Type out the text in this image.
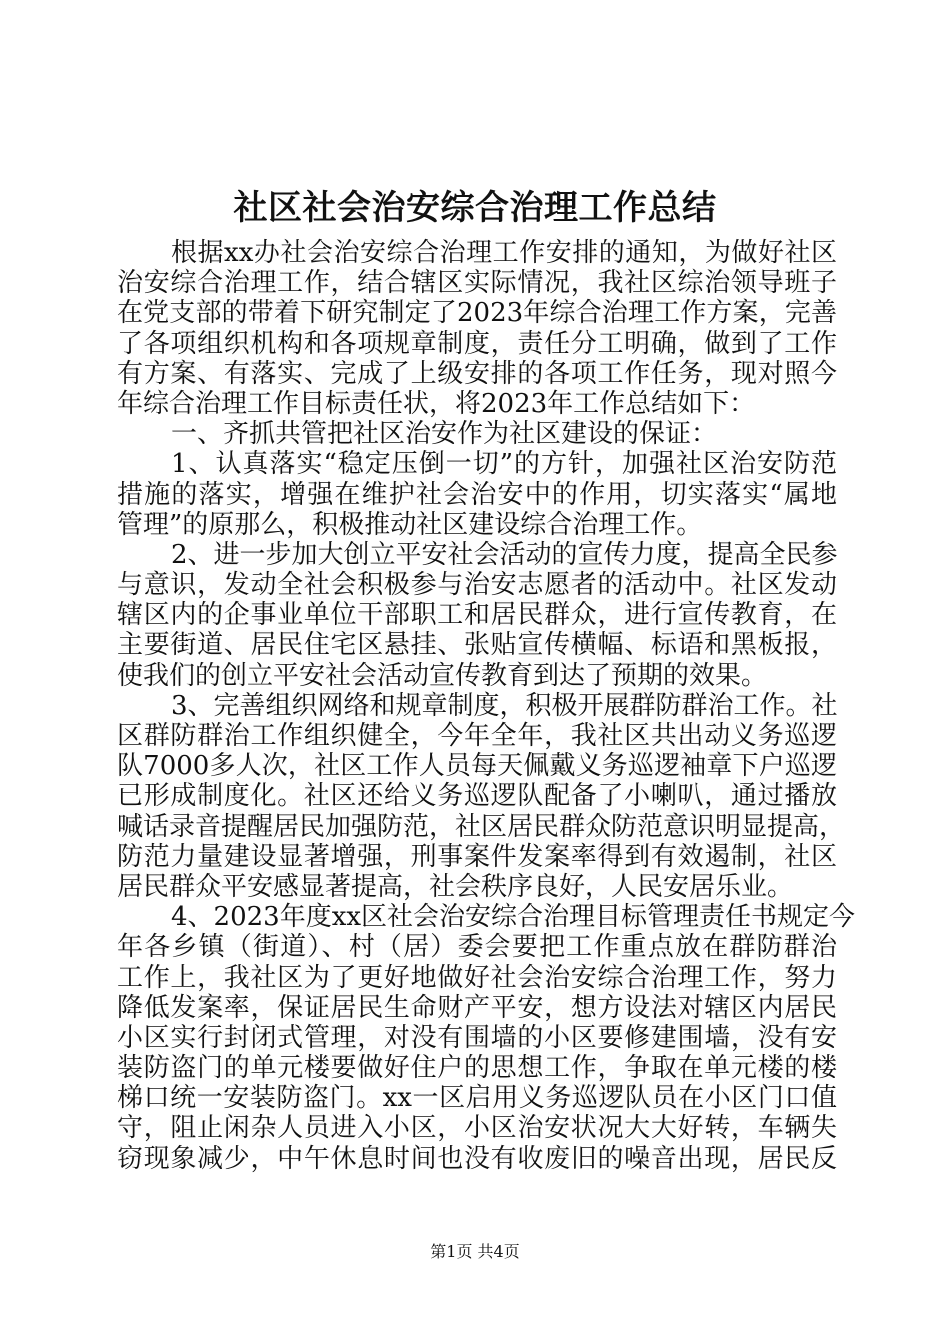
社区社会治安综合治理工作总结
根据xx办社会治安综合治理工作安排的通知，为做好社区
治安综合治理工作，结合辖区实际情况，我社区综治领导班子
在党支部的带着下研究制定了2023年综合治理工作方案，完善
了各项组织机构和各项规章制度，责任分工明确，做到了工作
有方案、有落实、完成了上级安排的各项工作任务，现对照今
年综合治理工作目标责任状，将2023年工作总结如下：
一、齐抓共管把社区治安作为社区建设的保证：
1、认真落实“稳定压倒一切”的方针，加强社区治安防范
措施的落实，增强在维护社会治安中的作用，切实落实“属地
管理”的原那么，积极推动社区建设综合治理工作。
2、进一步加大创立平安社会活动的宣传力度，提高全民参
与意识，发动全社会积极参与治安志愿者的活动中。社区发动
辖区内的企事业单位干部职工和居民群众，进行宣传教育，在
主要街道、居民住宅区悬挂、张贴宣传横幅、标语和黑板报，
使我们的创立平安社会活动宣传教育到达了预期的效果。
3、完善组织网络和规章制度，积极开展群防群治工作。社
区群防群治工作组织健全，今年全年，我社区共出动义务巡逻
队7000多人次，社区工作人员每天佩戴义务巡逻袖章下户巡逻
已形成制度化。社区还给义务巡逻队配备了小喇叭，通过播放
喊话录音提醒居民加强防范，社区居民群众防范意识明显提高，
防范力量建设显著增强，刑事案件发案率得到有效遏制，社区
居民群众平安感显著提高，社会秩序良好，人民安居乐业。
4、2023年度xx区社会治安综合治理目标管理责任书规定今
年各乡镇（街道）、村（居）委会要把工作重点放在群防群治
工作上，我社区为了更好地做好社会治安综合治理工作，努力
降低发案率，保证居民生命财产平安，想方设法对辖区内居民
小区实行封闭式管理，对没有围墙的小区要修建围墙，没有安
装防盗门的单元楼要做好住户的思想工作，争取在单元楼的楼
梯口统一安装防盗门。xx一区启用义务巡逻队员在小区门口值
守，阻止闲杂人员进入小区，小区治安状况大大好转，车辆失
窃现象减少，中午休息时间也没有收废旧的噪音出现，居民反
第1页 共4页
